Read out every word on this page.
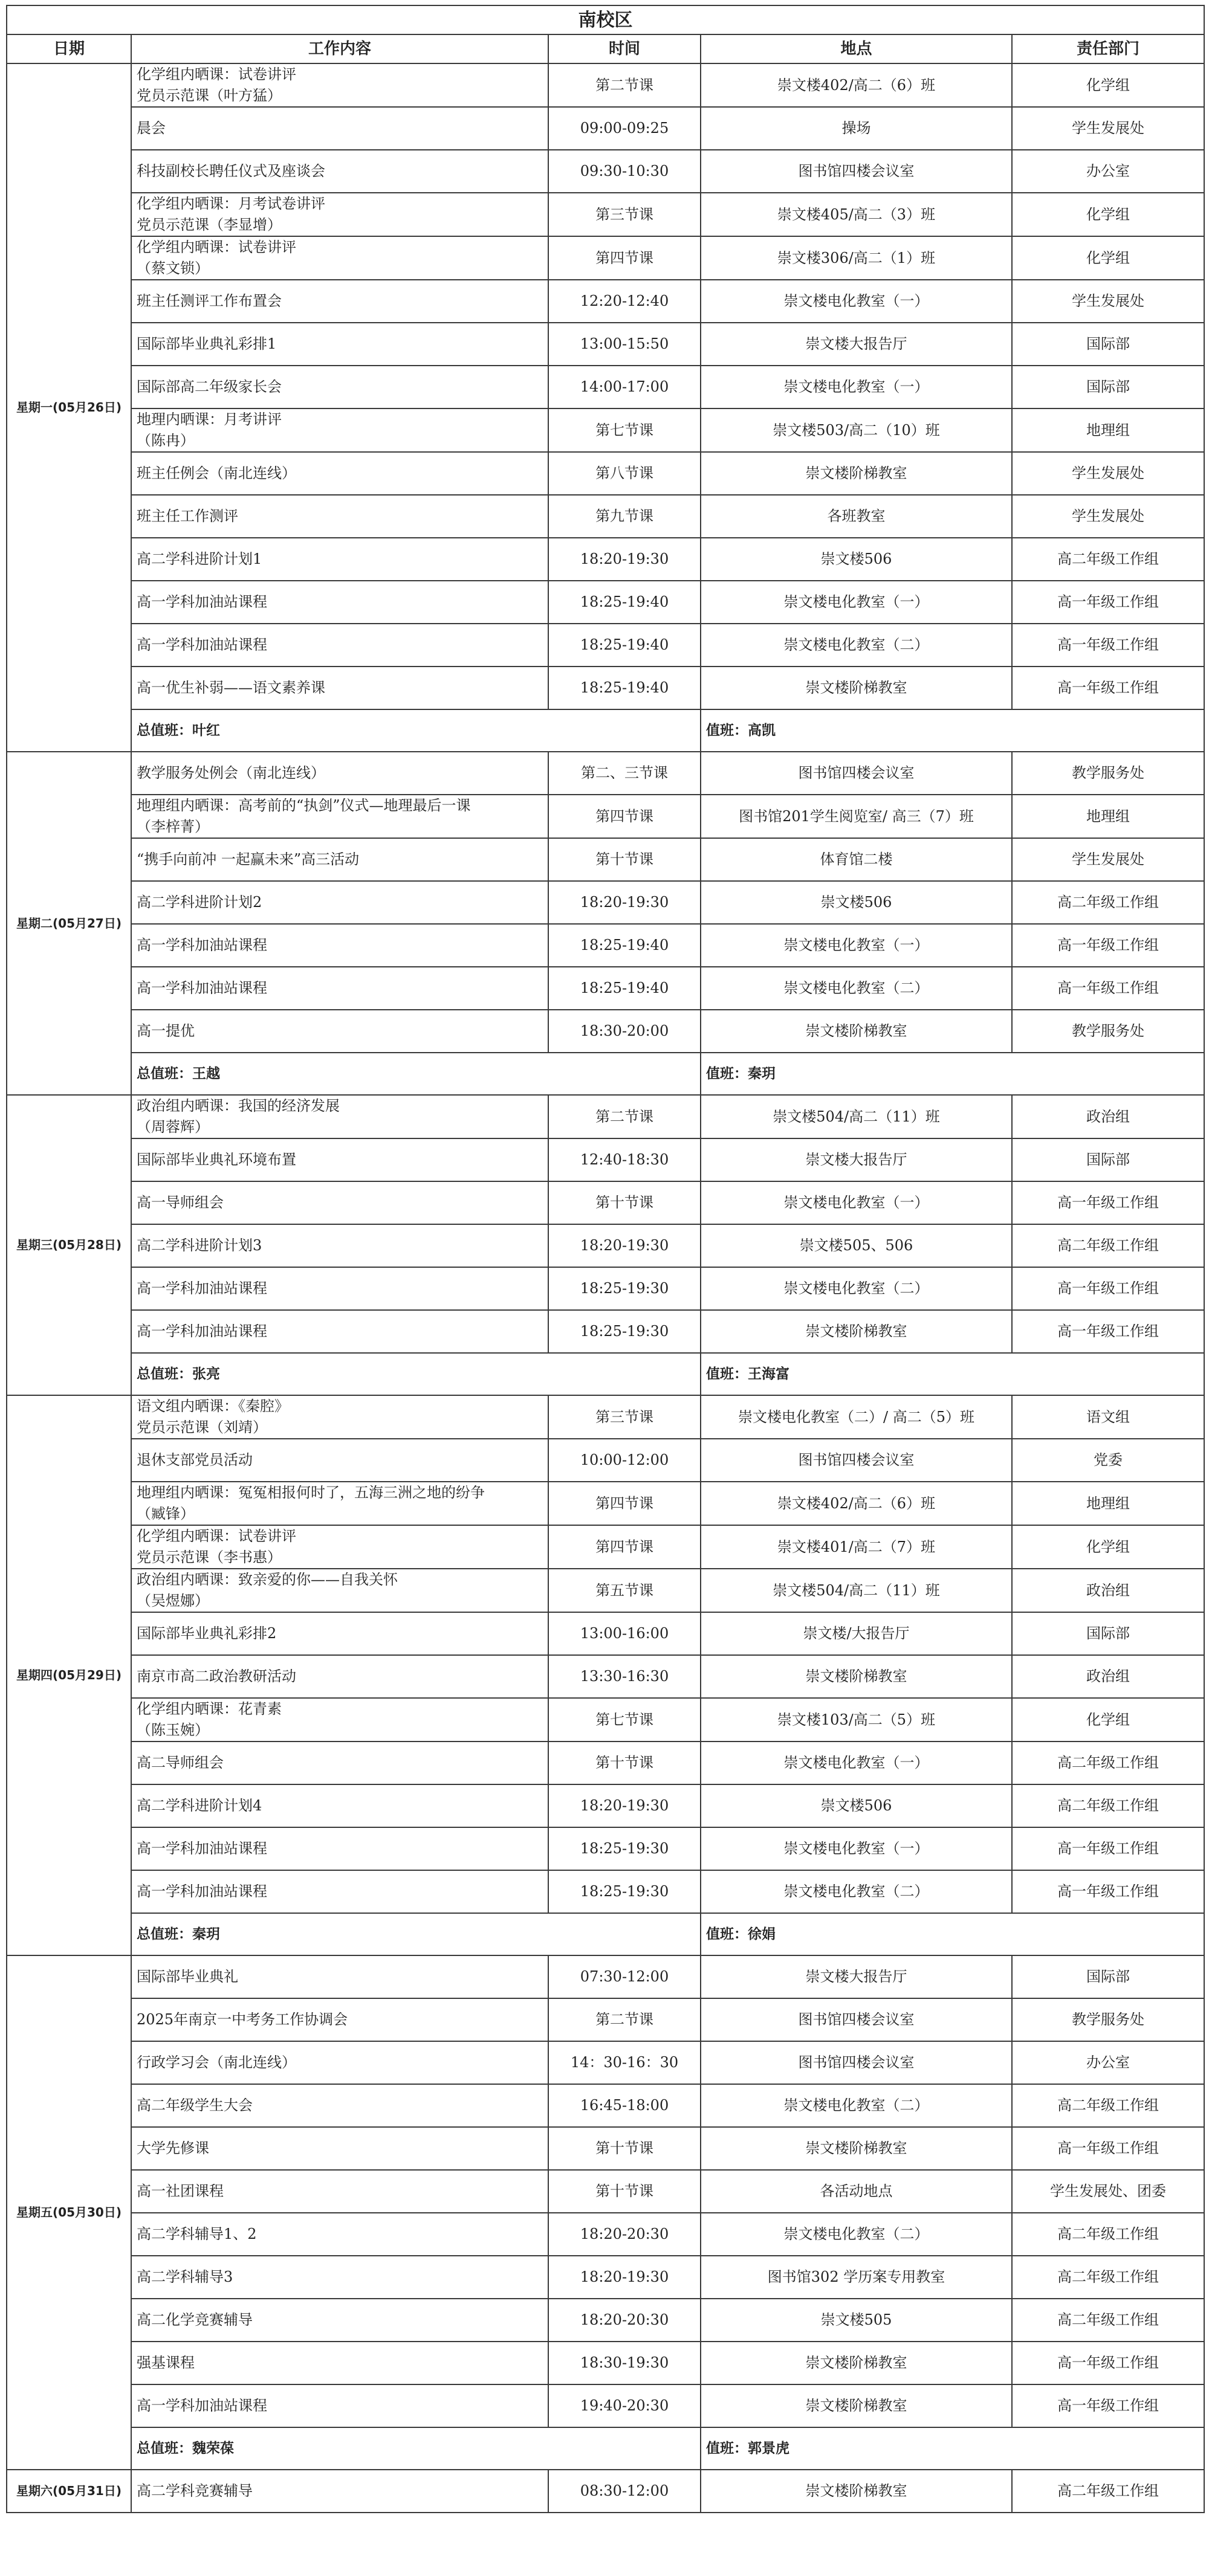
南校区				
日期	工作内容	时间	地点	责任部门
星期一(05月26日)	化学组内晒课：试卷讲评
党员示范课（叶方猛）	第二节课	崇文楼402/高二（6）班	化学组

	晨会	09:00-09:25	操场	学生发展处

	科技副校长聘任仪式及座谈会	09:30-10:30	图书馆四楼会议室	办公室

	化学组内晒课：月考试卷讲评
党员示范课（李显增）	第三节课	崇文楼405/高二（3）班	化学组

	化学组内晒课：试卷讲评
（蔡文锁）	第四节课	崇文楼306/高二（1）班	化学组

	班主任测评工作布置会	12:20-12:40	崇文楼电化教室（一）	学生发展处

	国际部毕业典礼彩排1	13:00-15:50	崇文楼大报告厅	国际部

	国际部高二年级家长会	14:00-17:00	崇文楼电化教室（一）	国际部

	地理内晒课：月考讲评
（陈冉）	第七节课	崇文楼503/高二（10）班	地理组

	班主任例会（南北连线）	第八节课	崇文楼阶梯教室	学生发展处

	班主任工作测评	第九节课	各班教室	学生发展处

	高二学科进阶计划1	18:20-19:30	崇文楼506	高二年级工作组

	高一学科加油站课程	18:25-19:40	崇文楼电化教室（一）	高一年级工作组

	高一学科加油站课程	18:25-19:40	崇文楼电化教室（二）	高一年级工作组

	高一优生补弱——语文素养课	18:25-19:40	崇文楼阶梯教室	高一年级工作组
	总值班：叶红		值班：高凯	
星期二(05月27日)	教学服务处例会（南北连线）	第二、三节课	图书馆四楼会议室	教学服务处

	地理组内晒课：高考前的“执剑”仪式—地理最后一课
（李梓菁）	第四节课	图书馆201学生阅览室/ 高三（7）班	地理组

	“携手向前冲 一起赢未来”高三活动	第十节课	体育馆二楼	学生发展处

	高二学科进阶计划2	18:20-19:30	崇文楼506	高二年级工作组

	高一学科加油站课程	18:25-19:40	崇文楼电化教室（一）	高一年级工作组

	高一学科加油站课程	18:25-19:40	崇文楼电化教室（二）	高一年级工作组

	高一提优	18:30-20:00	崇文楼阶梯教室	教学服务处
	总值班：王越		值班：秦玥	
星期三(05月28日)	政治组内晒课：我国的经济发展
（周蓉辉）	第二节课	崇文楼504/高二（11）班	政治组

	国际部毕业典礼环境布置	12:40-18:30	崇文楼大报告厅	国际部

	高一导师组会	第十节课	崇文楼电化教室（一）	高一年级工作组

	高二学科进阶计划3	18:20-19:30	崇文楼505、506	高二年级工作组

	高一学科加油站课程	18:25-19:30	崇文楼电化教室（二）	高一年级工作组

	高一学科加油站课程	18:25-19:30	崇文楼阶梯教室	高一年级工作组
	总值班：张亮		值班：王海富	
星期四(05月29日)	语文组内晒课：《秦腔》
党员示范课（刘靖）	第三节课	崇文楼电化教室（二）/ 高二（5）班	语文组

	退休支部党员活动	10:00-12:00	图书馆四楼会议室	党委

	地理组内晒课：冤冤相报何时了，五海三洲之地的纷争
（臧锋）	第四节课	崇文楼402/高二（6）班	地理组

	化学组内晒课：试卷讲评
党员示范课（李书惠）	第四节课	崇文楼401/高二（7）班	化学组

	政治组内晒课：致亲爱的你——自我关怀
（吴煜娜）	第五节课	崇文楼504/高二（11）班	政治组

	国际部毕业典礼彩排2	13:00-16:00	崇文楼/大报告厅	国际部

	南京市高二政治教研活动	13:30-16:30	崇文楼阶梯教室	政治组

	化学组内晒课：花青素
（陈玉婉）	第七节课	崇文楼103/高二（5）班	化学组

	高二导师组会	第十节课	崇文楼电化教室（一）	高二年级工作组

	高二学科进阶计划4	18:20-19:30	崇文楼506	高二年级工作组

	高一学科加油站课程	18:25-19:30	崇文楼电化教室（一）	高一年级工作组

	高一学科加油站课程	18:25-19:30	崇文楼电化教室（二）	高一年级工作组
	总值班：秦玥		值班：徐娟	
星期五(05月30日)	国际部毕业典礼	07:30-12:00	崇文楼大报告厅	国际部

	2025年南京一中考务工作协调会	第二节课	图书馆四楼会议室	教学服务处

	行政学习会（南北连线）	14：30-16：30	图书馆四楼会议室	办公室

	高二年级学生大会	16:45-18:00	崇文楼电化教室（二）	高二年级工作组

	大学先修课	第十节课	崇文楼阶梯教室	高一年级工作组

	高一社团课程	第十节课	各活动地点	学生发展处、团委

	高二学科辅导1、2	18:20-20:30	崇文楼电化教室（二）	高二年级工作组

	高二学科辅导3	18:20-19:30	图书馆302 学历案专用教室	高二年级工作组

	高二化学竞赛辅导	18:20-20:30	崇文楼505	高二年级工作组

	强基课程	18:30-19:30	崇文楼阶梯教室	高一年级工作组

	高一学科加油站课程	19:40-20:30	崇文楼阶梯教室	高一年级工作组
	总值班：魏荣葆		值班：郭景虎	
星期六(05月31日)	高二学科竞赛辅导	08:30-12:00	崇文楼阶梯教室	高二年级工作组
